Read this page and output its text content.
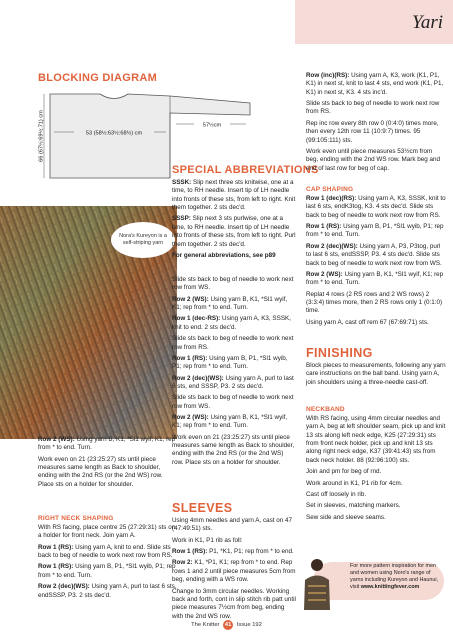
Yari
BLOCKING DIAGRAM
53 (58½:63½:68½) cm
57½cm
66 (67½:69½:71) cm
Nora's Kureyon is a self-striping yarn

Row 2 (WS): Using yarn B, K1, *Sl1 wyif, K1; rep from * to end. Turn.

Work even on 21 (23:25:27) sts until piece measures same length as Back to shoulder, ending with the 2nd RS (or the 2nd WS) row. Place sts on a holder for shoulder.

RIGHT NECK SHAPING

With RS facing, place centre 25 (27:29:31) sts on a holder for front neck. Join yarn A.

Row 1 (RS): Using yarn A, knit to end. Slide sts back to beg of needle to work next row from RS.

Row 1 (RS): Using yarn B, P1, *Sl1 wyib, P1; rep from * to end. Turn.

Row 2 (dec)(WS): Using yarn A, purl to last 6 sts, endSSSP, P3. 2 sts dec'd.

SPECIAL ABBREVIATIONS

SSSK: Slip next three sts knitwise, one at a time, to RH needle. Insert tip of LH needle into fronts of these sts, from left to right. Knit them together. 2 sts dec'd.

SSSP: Slip next 3 sts purlwise, one at a time, to RH needle. Insert tip of LH needle into fronts of these sts, from left to right. Purl them together. 2 sts dec'd.

For general abbreviations, see p89

Slide sts back to beg of needle to work next row from WS.

Row 2 (WS): Using yarn B, K1, *Sl1 wyif, K1; rep from * to end. Turn.

Row 1 (dec-RS): Using yarn A, K3, SSSK, knit to end. 2 sts dec'd.

Slide sts back to beg of needle to work next row from RS.

Row 1 (RS): Using yarn B, P1, *Sl1 wyib, P1; rep from * to end. Turn.

Row 2 (dec)(WS): Using yarn A, purl to last 6 sts, end SSSP, P3. 2 sts dec'd.

Slide sts back to beg of needle to work next row from WS.

Row 2 (WS): Using yarn B, K1, *Sl1 wyif, K1; rep from * to end. Turn.

Work even on 21 (23:25:27) sts until piece measures same length as Back to shoulder, ending with the 2nd RS (or the 2nd WS) row. Place sts on a holder for shoulder.

SLEEVES

Using 4mm needles and yarn A, cast on 47 (47:49:51) sts.

Work in K1, P1 rib as foll:

Row 1 (RS): P1, *K1, P1; rep from * to end.

Row 2: K1, *P1, K1; rep from * to end. Rep rows 1 and 2 until piece measures 5cm from beg, ending with a WS row.

Change to 3mm circular needles. Working back and forth, cont in slip stitch rib patt until piece measures 7½cm from beg, ending with the 2nd WS row.

Row (inc)(RS): Using yarn A, K3, work (K1, P1, K1) in next st, knit to last 4 sts, end work (K1, P1, K1) in next st, K3. 4 sts inc'd.

Slide sts back to beg of needle to work next row from RS.

Rep inc row every 8th row 0 (0:4:0) times more, then every 12th row 11 (10:9:7) times. 95 (99:105:111) sts.

Work even until piece measures 53½cm from beg, ending with the 2nd WS row. Mark beg and end of last row for beg of cap.

CAP SHAPING

Row 1 (dec)(RS): Using yarn A, K3, SSSK, knit to last 6 sts, endK3tog, K3. 4 sts dec'd. Slide sts back to beg of needle to work next row from RS.

Row 1 (RS): Using yarn B, P1, *Sl1 wyib, P1; rep from * to end. Turn.

Row 2 (dec)(WS): Using yarn A, P3, P3tog, purl to last 6 sts, endSSSP, P3. 4 sts dec'd. Slide sts back to beg of needle to work next row from WS.

Row 2 (WS): Using yarn B, K1, *Sl1 wyif, K1; rep from * to end. Turn.

Replat 4 rows (2 RS rows and 2 WS rows) 2 (3:3:4) times more, then 2 RS rows only 1 (0:1:0) time.

Using yarn A, cast off rem 67 (67:69:71) sts.

FINISHING

Block pieces to measurements, following any yarn care instructions on the ball band. Using yarn A, join shoulders using a three-needle cast-off.

NECKBAND

With RS facing, using 4mm circular needles and yarn A, beg at left shoulder seam, pick up and knit 13 sts along left neck edge, K25 (27:29:31) sts from front neck holder, pick up and knit 13 sts along right neck edge, K37 (39:41:43) sts from back neck holder. 88 (92:96:100) sts.

Join and pm for beg of rnd.

Work around in K1, P1 rib for 4cm.

Cast off loosely in rib.

Set in sleeves, matching markers.

Sew side and sleeve seams.

For more pattern inspiration for men and women using Noro's range of yarns including Kureyon and Haunui, visit www.knittingfever.com
The Knitter 41 Issue 192
